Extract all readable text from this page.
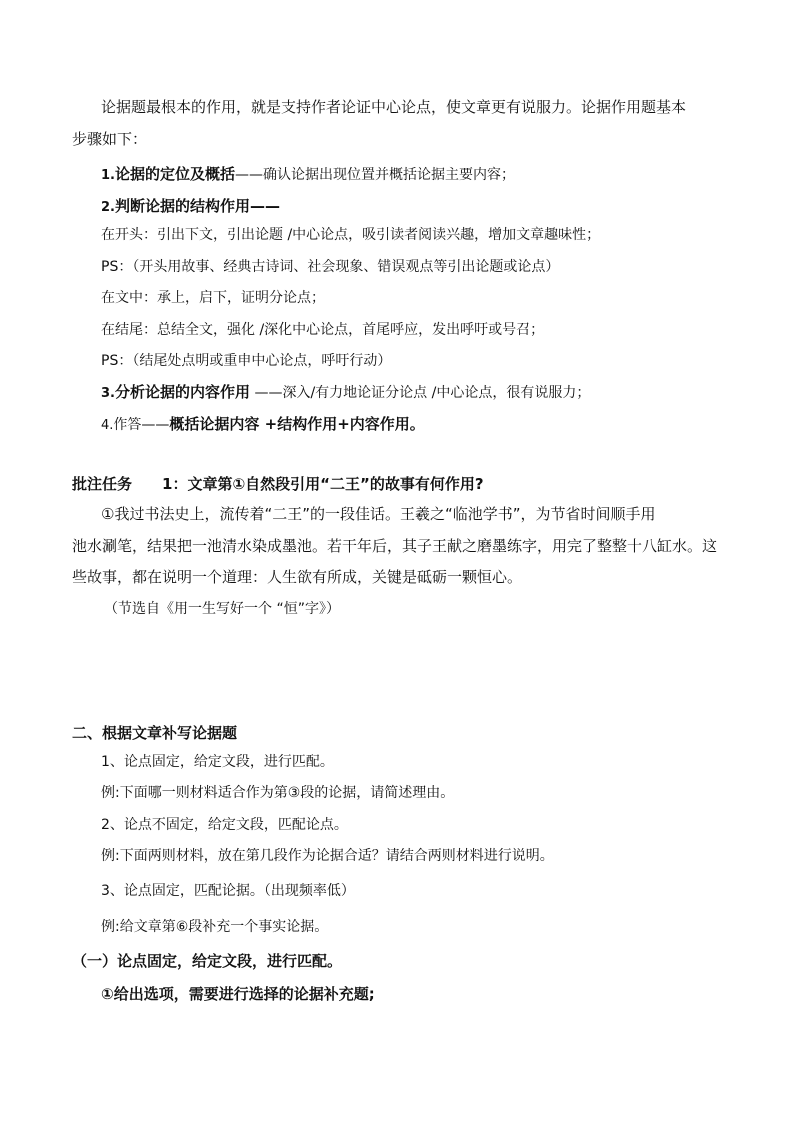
论据题最根本的作用，就是支持作者论证中心论点，使文章更有说服力。论据作用题基本
步骤如下：
1.论据的定位及概括——确认论据出现位置并概括论据主要内容；
2.判断论据的结构作用——
在开头：引出下文，引出论题 /中心论点，吸引读者阅读兴趣，增加文章趣味性；
PS：（开头用故事、经典古诗词、社会现象、错误观点等引出论题或论点）
在文中：承上，启下，证明分论点；
在结尾：总结全文，强化 /深化中心论点，首尾呼应，发出呼吁或号召；
PS：（结尾处点明或重申中心论点，呼吁行动）
3.分析论据的内容作用 ——深入/有力地论证分论点 /中心论点，很有说服力；
4.作答——概括论据内容 +结构作用+内容作用。
批注任务 1：文章第①自然段引用“二王”的故事有何作用?
①我过书法史上，流传着“二王”的一段佳话。王羲之“临池学书”，为节省时间顺手用
池水涮笔，结果把一池清水染成墨池。若干年后，其子王献之磨墨练字，用完了整整十八缸水。这
些故事，都在说明一个道理：人生欲有所成，关键是砥砺一颗恒心。
（节选自《用一生写好一个 “恒”字》）
二、根据文章补写论据题
1、论点固定，给定文段，进行匹配。
例:下面哪一则材料适合作为第③段的论据，请简述理由。
2、论点不固定，给定文段，匹配论点。
例:下面两则材料，放在第几段作为论据合适？请结合两则材料进行说明。
3、论点固定，匹配论据。（出现频率低）
例:给文章第⑥段补充一个事实论据。
（一）论点固定，给定文段，进行匹配。
①给出选项，需要进行选择的论据补充题;
